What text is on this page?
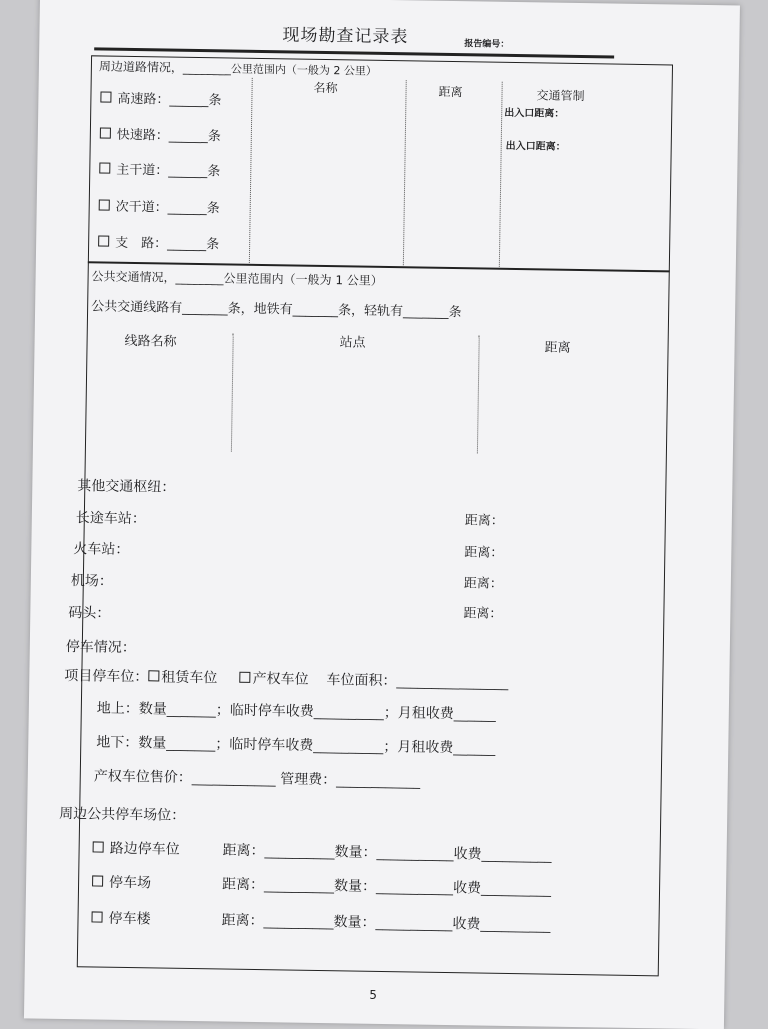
现场勘查记录表	报告编号：
周边道路情况，________公里范围内（一般为 2 公里）
名称	距离	交通管制
出入口距离：
出入口距离：
高速路：______条
快速路：______条
主干道：______条
次干道：______条
支　路：______条
公共交通情况，________公里范围内（一般为 1 公里）
公共交通线路有_______条，地铁有_______条，轻轨有_______条
线路名称	站点	距离
其他交通枢纽：
长途车站：	距离：
火车站：	距离：
机场：	距离：
码头：	距离：
停车情况：
项目停车位： 租赁车位	产权车位 车位面积：________________
地上：数量_______；临时停车收费__________；月租收费______
地下：数量_______；临时停车收费__________；月租收费______
产权车位售价：____________ 管理费：____________
周边公共停车场位：
路边停车位	距离：__________数量：___________收费__________
停车场	距离：__________数量：___________收费__________
停车楼	距离：__________数量：___________收费__________
5
